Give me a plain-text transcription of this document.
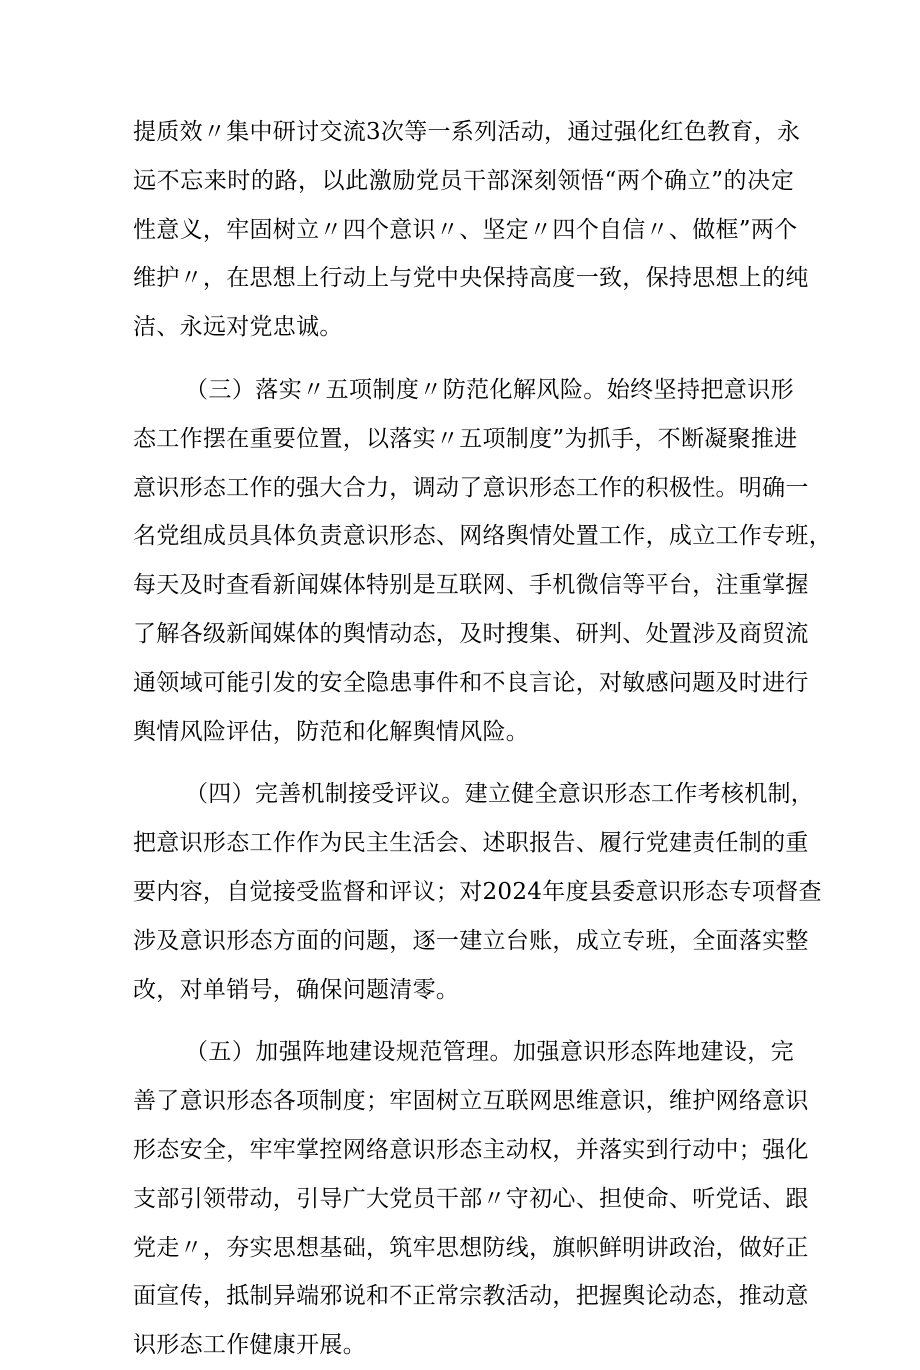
提质效〃集中研讨交流3次等一系列活动，通过强化红色教育，永
远不忘来时的路，以此激励党员干部深刻领悟“两个确立”的决定
性意义，牢固树立〃四个意识〃、坚定〃四个自信〃、做框”两个
维护〃，在思想上行动上与党中央保持高度一致，保持思想上的纯
洁、永远对党忠诚。
（三）落实〃五项制度〃防范化解风险。始终坚持把意识形
态工作摆在重要位置，以落实〃五项制度”为抓手，不断凝聚推进
意识形态工作的强大合力，调动了意识形态工作的积极性。明确一
名党组成员具体负责意识形态、网络舆情处置工作，成立工作专班，
每天及时查看新闻媒体特别是互联网、手机微信等平台，注重掌握
了解各级新闻媒体的舆情动态，及时搜集、研判、处置涉及商贸流
通领域可能引发的安全隐患事件和不良言论，对敏感问题及时进行
舆情风险评估，防范和化解舆情风险。
（四）完善机制接受评议。建立健全意识形态工作考核机制，
把意识形态工作作为民主生活会、述职报告、履行党建责任制的重
要内容，自觉接受监督和评议；对2024年度县委意识形态专项督查
涉及意识形态方面的问题，逐一建立台账，成立专班，全面落实整
改，对单销号，确保问题清零。
（五）加强阵地建设规范管理。加强意识形态阵地建设，完
善了意识形态各项制度；牢固树立互联网思维意识，维护网络意识
形态安全，牢牢掌控网络意识形态主动权，并落实到行动中；强化
支部引领带动，引导广大党员干部〃守初心、担使命、听党话、跟
党走〃，夯实思想基础，筑牢思想防线，旗帜鲜明讲政治，做好正
面宣传，抵制异端邪说和不正常宗教活动，把握舆论动态，推动意
识形态工作健康开展。
